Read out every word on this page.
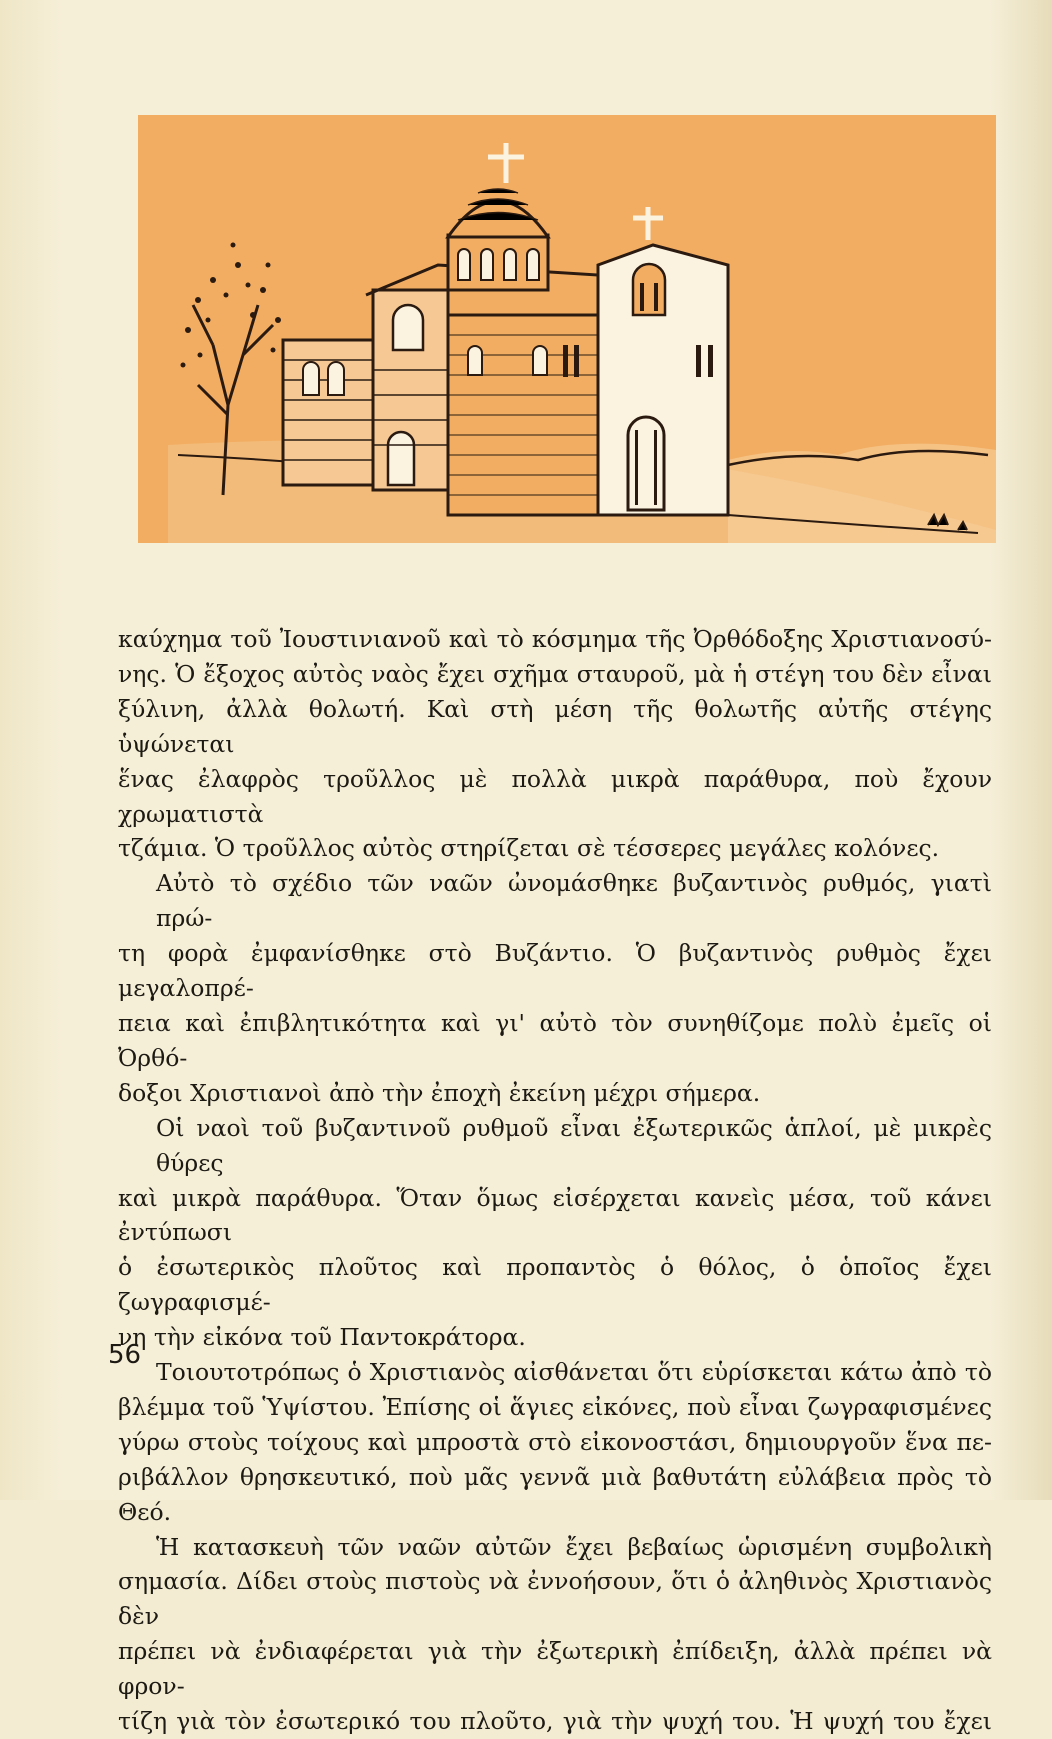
καύχημα τοῦ Ἰουστινιανοῦ καὶ τὸ κόσμημα τῆς Ὀρθόδοξης Χριστιανοσύ-
νης. Ὁ ἔξοχος αὐτὸς ναὸς ἔχει σχῆμα σταυροῦ, μὰ ἡ στέγη του δὲν εἶναι
ξύλινη, ἀλλὰ θολωτή. Καὶ στὴ μέση τῆς θολωτῆς αὐτῆς στέγης ὑψώνεται
ἕνας ἐλαφρὸς τροῦλλος μὲ πολλὰ μικρὰ παράθυρα, ποὺ ἔχουν χρωματιστὰ
τζάμια. Ὁ τροῦλλος αὐτὸς στηρίζεται σὲ τέσσερες μεγάλες κολόνες.

Αὐτὸ τὸ σχέδιο τῶν ναῶν ὠνομάσθηκε βυζαντινὸς ρυθμός, γιατὶ πρώ-
τη φορὰ ἐμφανίσθηκε στὸ Βυζάντιο. Ὁ βυζαντινὸς ρυθμὸς ἔχει μεγαλοπρέ-
πεια καὶ ἐπιβλητικότητα καὶ γι' αὐτὸ τὸν συνηθίζομε πολὺ ἐμεῖς οἱ Ὀρθό-
δοξοι Χριστιανοὶ ἀπὸ τὴν ἐποχὴ ἐκείνη μέχρι σήμερα.

Οἱ ναοὶ τοῦ βυζαντινοῦ ρυθμοῦ εἶναι ἐξωτερικῶς ἁπλοί, μὲ μικρὲς θύρες
καὶ μικρὰ παράθυρα. Ὅταν ὅμως εἰσέρχεται κανεὶς μέσα, τοῦ κάνει ἐντύπωσι
ὁ ἐσωτερικὸς πλοῦτος καὶ προπαντὸς ὁ θόλος, ὁ ὁποῖος ἔχει ζωγραφισμέ-
νη τὴν εἰκόνα τοῦ Παντοκράτορα.

Τοιουτοτρόπως ὁ Χριστιανὸς αἰσθάνεται ὅτι εὑρίσκεται κάτω ἀπὸ τὸ
βλέμμα τοῦ Ὑψίστου. Ἐπίσης οἱ ἅγιες εἰκόνες, ποὺ εἶναι ζωγραφισμένες
γύρω στοὺς τοίχους καὶ μπροστὰ στὸ εἰκονοστάσι, δημιουργοῦν ἕνα πε-
ριβάλλον θρησκευτικό, ποὺ μᾶς γεννᾶ μιὰ βαθυτάτη εὐλάβεια πρὸς τὸ Θεό.

Ἡ κατασκευὴ τῶν ναῶν αὐτῶν ἔχει βεβαίως ὡρισμένη συμβολικὴ
σημασία. Δίδει στοὺς πιστοὺς νὰ ἐννοήσουν, ὅτι ὁ ἀληθινὸς Χριστιανὸς δὲν
πρέπει νὰ ἐνδιαφέρεται γιὰ τὴν ἐξωτερικὴ ἐπίδειξη, ἀλλὰ πρέπει νὰ φρον-
τίζη γιὰ τὸν ἐσωτερικό του πλοῦτο, γιὰ τὴν ψυχή του. Ἡ ψυχή του ἔχει

56
